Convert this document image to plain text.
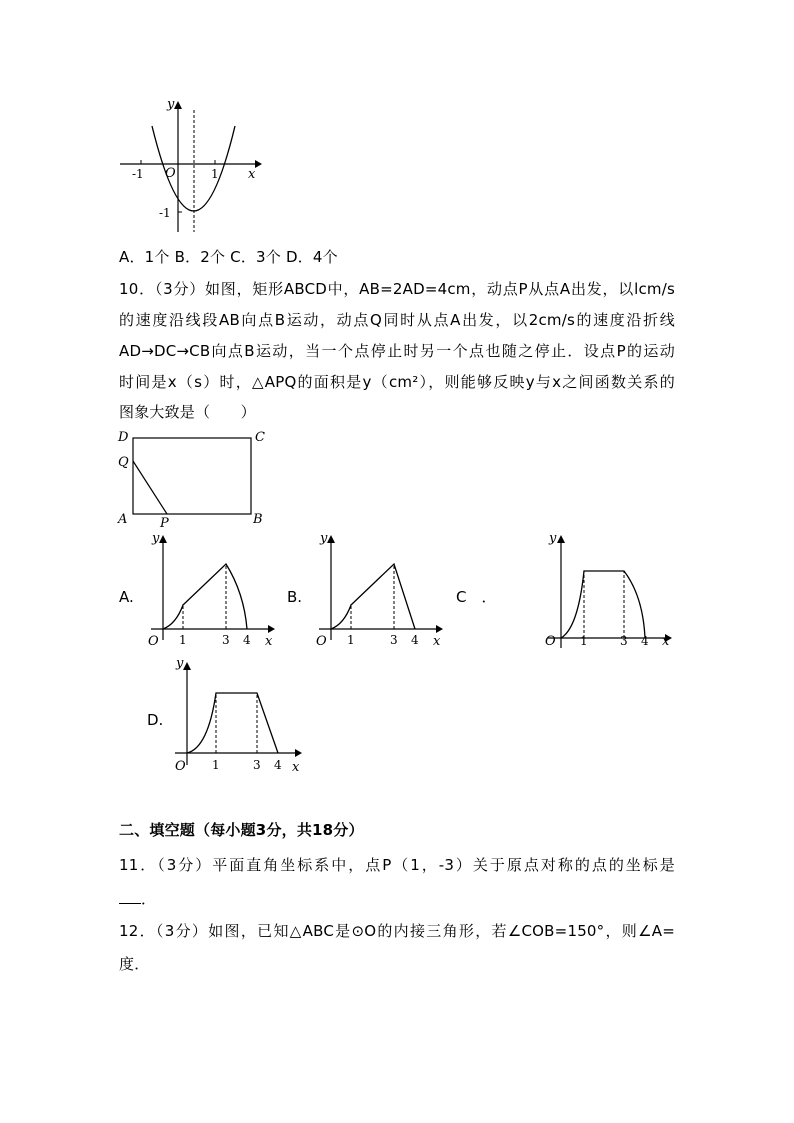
y
x
O
-1	1
-1
A．1个 B．2个 C．3个 D．4个
10．（3分）如图，矩形ABCD中，AB=2AD=4cm，动点P从点A出发，以lcm/s
的速度沿线段AB向点B运动，动点Q同时从点A出发，以2cm/s的速度沿折线
AD→DC→CB向点B运动，当一个点停止时另一个点也随之停止．设点P的运动
时间是x（s）时，△APQ的面积是y（cm²），则能够反映y与x之间函数关系的
图象大致是（　　）
D	C
Q
A	P	B
A.
y
x
O 1	3 4
B.
y
x
O 1	3 4
C　．
y
x
O 1	3 4
D.
y
x
O 1	3 4
二、填空题（每小题3分，共18分）
11．（3分）平面直角坐标系中，点P（1，-3）关于原点对称的点的坐标是
．
12．（3分）如图，已知△ABC是⊙O的内接三角形，若∠COB=150°，则∠A=
度．
